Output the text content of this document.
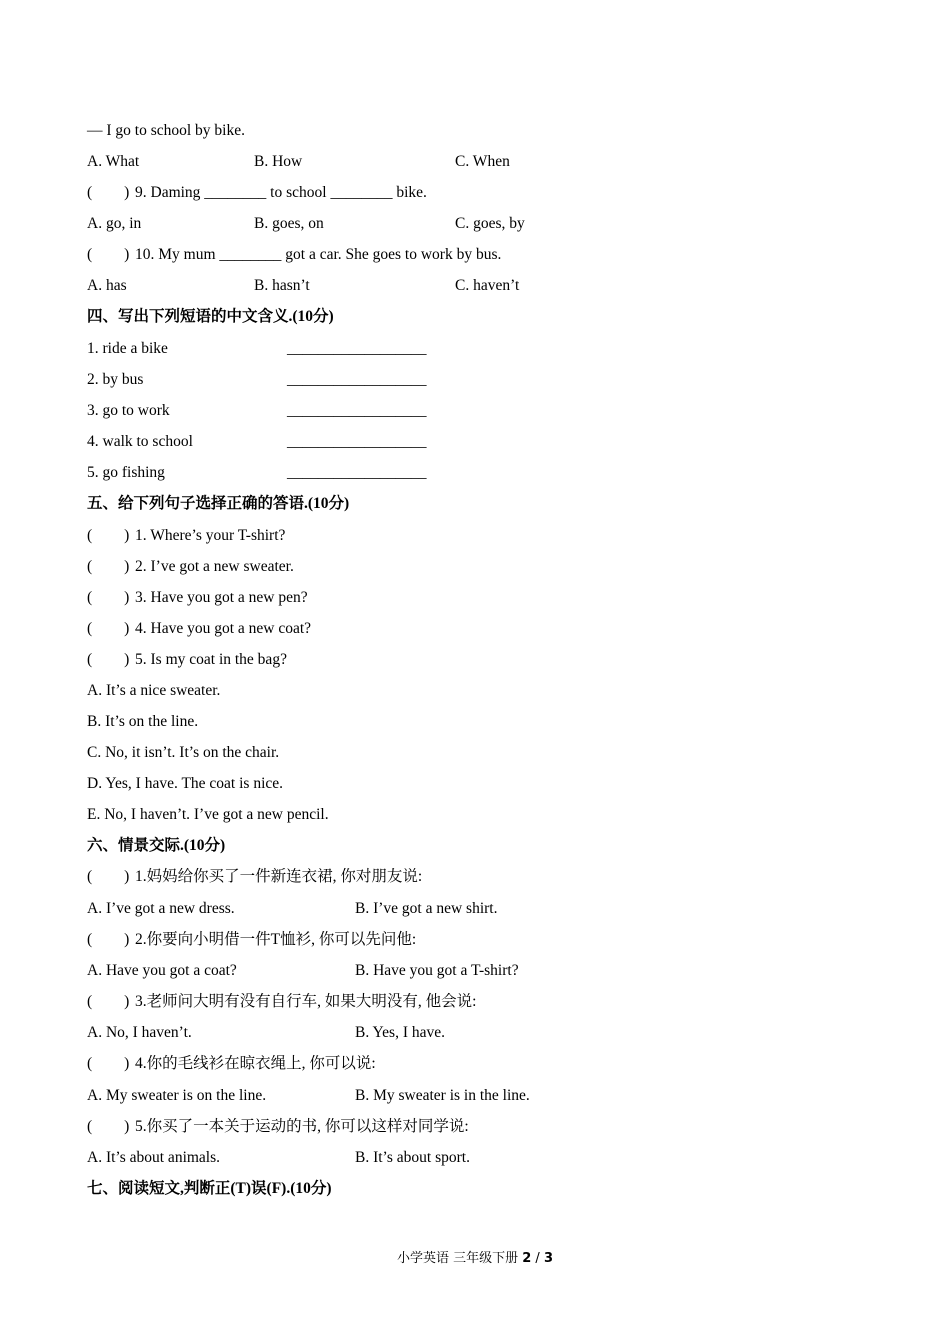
— I go to school by bike.
A. What	B. How	C. When
( ) 9. Daming ________ to school ________ bike.
A. go, in	B. goes, on	C. goes, by
( ) 10. My mum ________ got a car. She goes to work by bus.
A. has	B. hasn’t	C. haven’t
四、写出下列短语的中文含义.(10分)
1. ride a bike	__________________
2. by bus	__________________
3. go to work	__________________
4. walk to school	__________________
5. go fishing	__________________
五、给下列句子选择正确的答语.(10分)
( ) 1. Where’s your T-shirt?
( ) 2. I’ve got a new sweater.
( ) 3. Have you got a new pen?
( ) 4. Have you got a new coat?
( ) 5. Is my coat in the bag?
A. It’s a nice sweater.
B. It’s on the line.
C. No, it isn’t. It’s on the chair.
D. Yes, I have. The coat is nice.
E. No, I haven’t. I’ve got a new pencil.
六、情景交际.(10分)
( ) 1.妈妈给你买了一件新连衣裙, 你对朋友说:
A. I’ve got a new dress.	B. I’ve got a new shirt.
( ) 2.你要向小明借一件T恤衫, 你可以先问他:
A. Have you got a coat?	B. Have you got a T-shirt?
( ) 3.老师问大明有没有自行车, 如果大明没有, 他会说:
A. No, I haven’t.	B. Yes, I have.
( ) 4.你的毛线衫在晾衣绳上, 你可以说:
A. My sweater is on the line.	B. My sweater is in the line.
( ) 5.你买了一本关于运动的书, 你可以这样对同学说:
A. It’s about animals.	B. It’s about sport.
七、阅读短文,判断正(T)误(F).(10分)
小学英语 三年级下册 2 / 3
